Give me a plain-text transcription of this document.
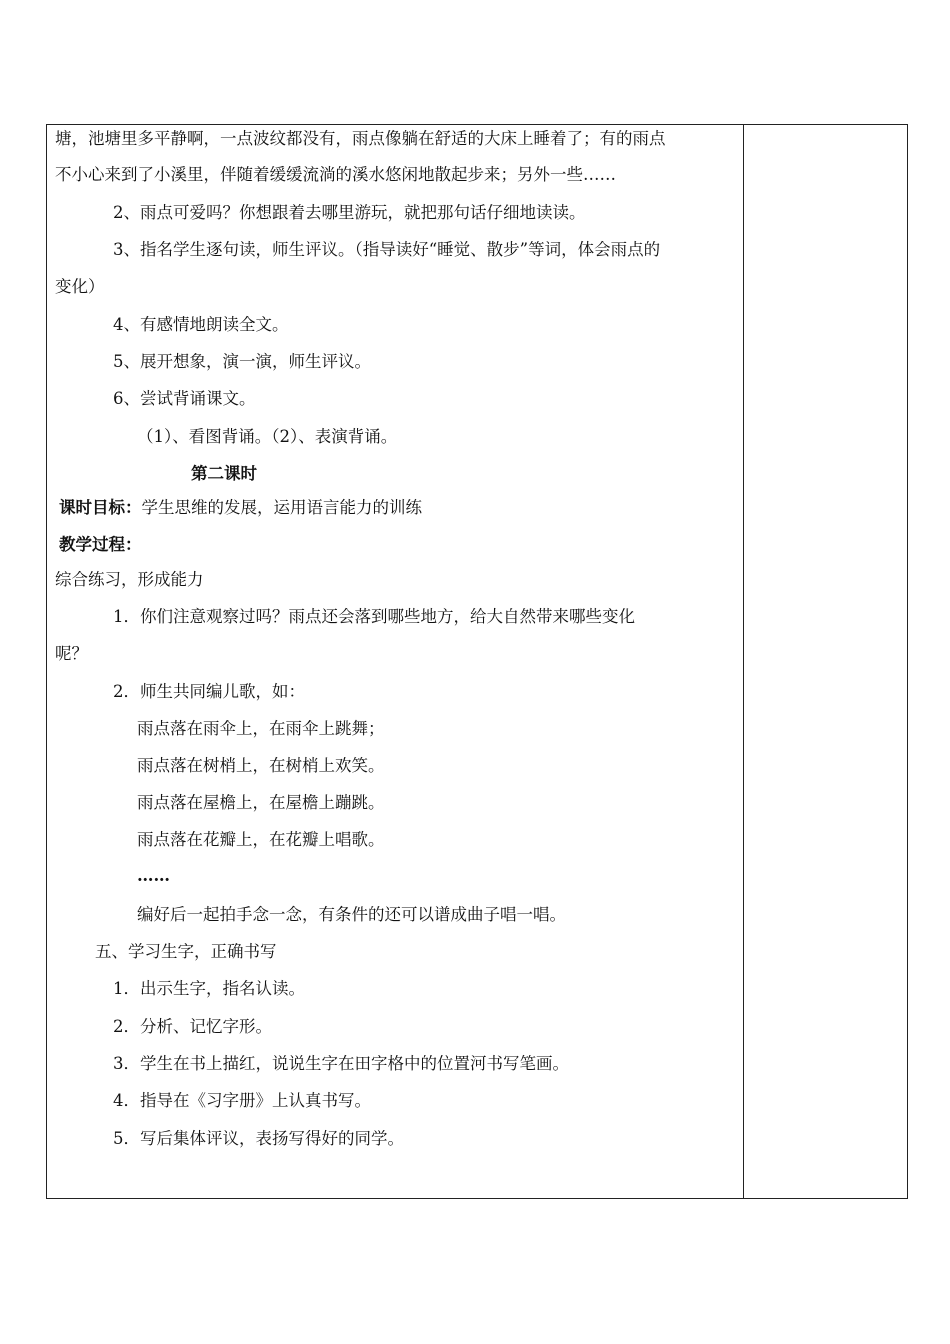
塘，池塘里多平静啊，一点波纹都没有，雨点像躺在舒适的大床上睡着了；有的雨点
不小心来到了小溪里，伴随着缓缓流淌的溪水悠闲地散起步来；另外一些……
2、雨点可爱吗？你想跟着去哪里游玩，就把那句话仔细地读读。
3、指名学生逐句读，师生评议。（指导读好“睡觉、散步”等词，体会雨点的
变化）
4、有感情地朗读全文。
5、展开想象，演一演，师生评议。
6、尝试背诵课文。
（1）、看图背诵。（2）、表演背诵。
第二课时
课时目标：学生思维的发展，运用语言能力的训练
教学过程：
综合练习，形成能力
1．你们注意观察过吗？雨点还会落到哪些地方，给大自然带来哪些变化
呢？
2．师生共同编儿歌，如：
雨点落在雨伞上，在雨伞上跳舞；
雨点落在树梢上，在树梢上欢笑。
雨点落在屋檐上，在屋檐上蹦跳。
雨点落在花瓣上，在花瓣上唱歌。
……
编好后一起拍手念一念，有条件的还可以谱成曲子唱一唱。
五、学习生字，正确书写
1．出示生字，指名认读。
2．分析、记忆字形。
3．学生在书上描红，说说生字在田字格中的位置河书写笔画。
4．指导在《习字册》上认真书写。
5．写后集体评议，表扬写得好的同学。
